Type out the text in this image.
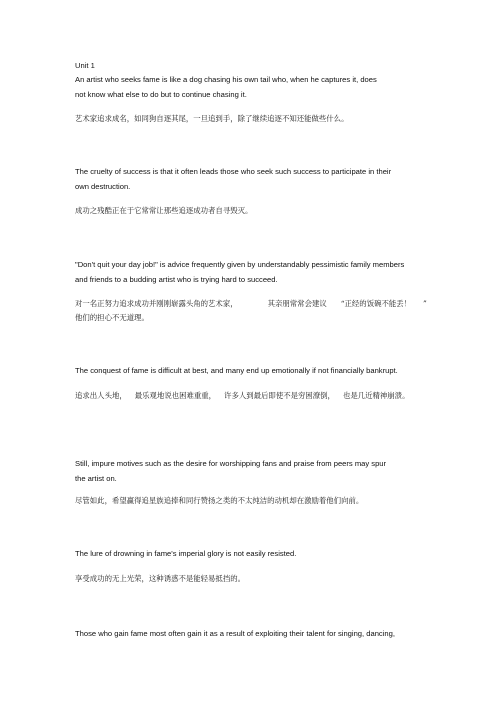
Unit 1
An artist who seeks fame is like a dog chasing his own tail who, when he captures it, does
not know what else to do but to continue chasing it.
艺术家追求成名，如同狗自逐其尾，一旦追到手，除了继续追逐不知还能做些什么。
The cruelty of success is that it often leads those who seek such success to participate in their
own destruction.
成功之残酷正在于它常常让那些追逐成功者自寻毁灭。
"Don't quit your day job!" is advice frequently given by understandably pessimistic family members
and friends to a budding artist who is trying hard to succeed.
对一名正努力追求成功并刚刚崭露头角的艺术家，	其亲朋常常会建议 “正经的饭碗不能丢！ ”
他们的担心不无道理。
The conquest of fame is difficult at best, and many end up emotionally if not financially bankrupt.
追求出人头地， 最乐观地说也困难重重， 许多人到最后即使不是穷困潦倒， 也是几近精神崩溃。
Still, impure motives such as the desire for worshipping fans and praise from peers may spur
the artist on.
尽管如此，希望赢得追星族追捧和同行赞扬之类的不太纯洁的动机却在激励着他们向前。
The lure of drowning in fame's imperial glory is not easily resisted.
享受成功的无上光荣，这种诱惑不是能轻易抵挡的。
Those who gain fame most often gain it as a result of exploiting their talent for singing, dancing,
